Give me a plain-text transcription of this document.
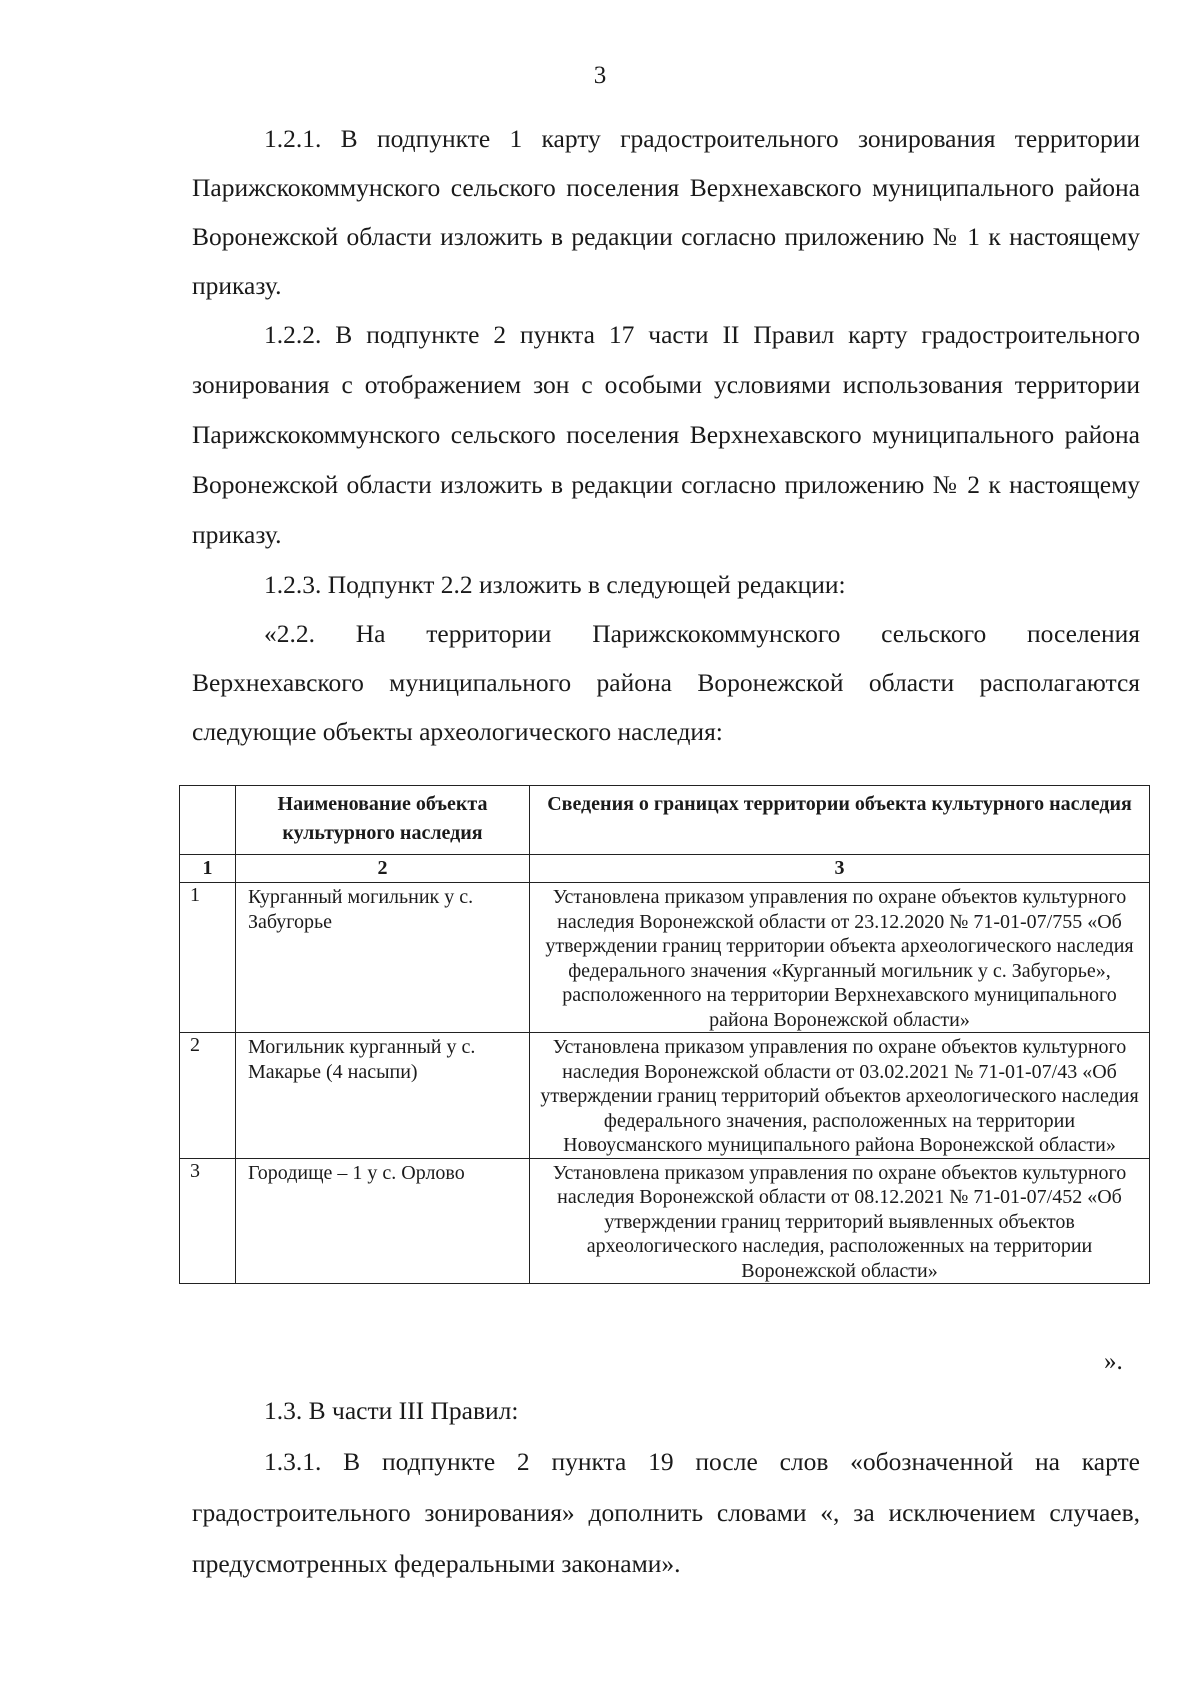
3

1.2.1. В подпункте 1 карту градостроительного зонирования территории Парижскокоммунского сельского поселения Верхнехавского муниципального района Воронежской области изложить в редакции согласно приложению № 1 к настоящему приказу.

1.2.2. В подпункте 2 пункта 17 части II Правил карту градостроительного зонирования с отображением зон с особыми условиями использования территории Парижскокоммунского сельского поселения Верхнехавского муниципального района Воронежской области изложить в редакции согласно приложению № 2 к настоящему приказу.

1.2.3. Подпункт 2.2 изложить в следующей редакции:

«2.2. На территории Парижскокоммунского сельского поселения Верхнехавского муниципального района Воронежской области располагаются следующие объекты археологического наследия:

	Наименование объекта культурного наследия	Сведения о границах территории объекта культурного наследия
1	2	3
1	Курганный могильник у с. Забугорье	Установлена приказом управления по охране объектов культурного наследия Воронежской области от 23.12.2020 № 71-01-07/755 «Об утверждении границ территории объекта археологического наследия федерального значения «Курганный могильник у с. Забугорье», расположенного на территории Верхнехавского муниципального района Воронежской области»
2	Могильник курганный у с. Макарье (4 насыпи)	Установлена приказом управления по охране объектов культурного наследия Воронежской области от 03.02.2021 № 71-01-07/43 «Об утверждении границ территорий объектов археологического наследия федерального значения, расположенных на территории Новоусманского муниципального района Воронежской области»
3	Городище – 1 у с. Орлово	Установлена приказом управления по охране объектов культурного наследия Воронежской области от 08.12.2021 № 71-01-07/452 «Об утверждении границ территорий выявленных объектов археологического наследия, расположенных на территории Воронежской области»
».

1.3. В части III Правил:

1.3.1. В подпункте 2 пункта 19 после слов «обозначенной на карте градостроительного зонирования» дополнить словами «, за исключением случаев, предусмотренных федеральными законами».
